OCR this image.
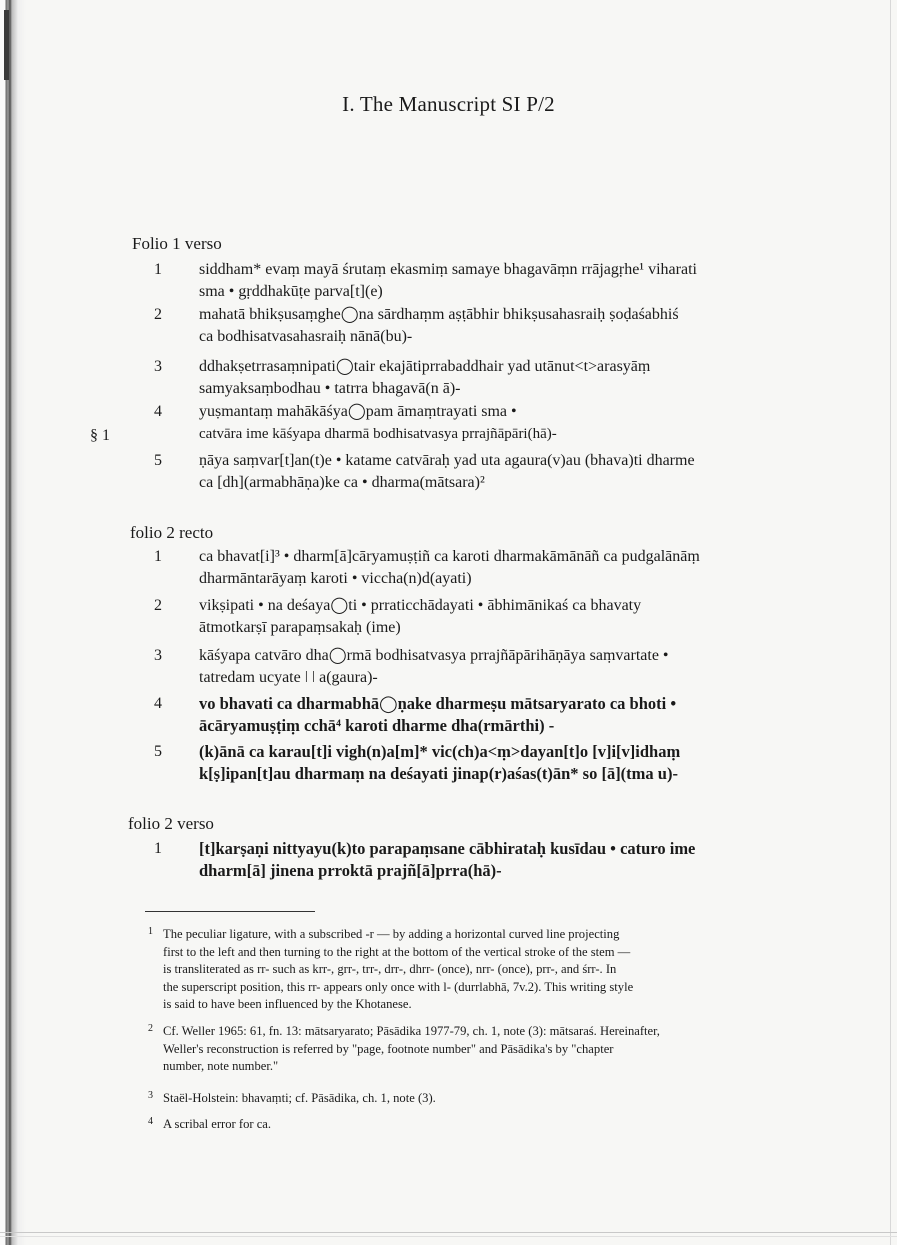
I. The Manuscript SI P/2
Folio 1 verso
1	siddham* evaṃ mayā śrutaṃ ekasmiṃ samaye bhagavāṃn rrājagṛhe¹ viharati
sma • gṛddhakūṭe parva[t](e)
2	mahatā bhikṣusaṃghe◯na sārdhaṃm aṣṭābhir bhikṣusahasraiḥ ṣoḍaśabhiś
ca bodhisatvasahasraiḥ nānā(bu)-
3	ddhakṣetrrasaṃnipati◯tair ekajātiprrabaddhair yad utānut<t>arasyāṃ
samyaksaṃbodhau • tatrra bhagavā(n ā)-
4	yuṣmantaṃ mahākāśya◯pam āmaṃtrayati sma •
§ 1	catvāra ime kāśyapa dharmā bodhisatvasya prrajñāpāri(hā)-
5	ṇāya saṃvar[t]an(t)e • katame catvāraḥ yad uta agaura(v)au (bhava)ti dharme
ca [dh](armabhāṇa)ke ca • dharma(mātsara)²
folio 2 recto
1	ca bhavat[i]³ • dharm[ā]cāryamuṣṭiñ ca karoti dharmakāmānāñ ca pudgalānāṃ
dharmāntarāyaṃ karoti • viccha(n)d(ayati)
2	vikṣipati • na deśaya◯ti • prraticchādayati • ābhimānikaś ca bhavaty
ātmotkarṣī parapaṃsakaḥ (ime)
3	kāśyapa catvāro dha◯rmā bodhisatvasya prrajñāpārihāṇāya saṃvartate •
tatredam ucyate ǀ ǀ a(gaura)-
4	vo bhavati ca dharmabhā◯ṇake dharmeṣu mātsaryarato ca bhoti •
ācāryamuṣṭiṃ cchā⁴ karoti dharme dha(rmārthi) -
5	(k)ānā ca karau[t]i vigh(n)a[m]* vic(ch)a<ṃ>dayan[t]o [v]i[v]idhaṃ
k[ṣ]ipan[t]au dharmaṃ na deśayati jinap(r)aśas(t)ān* so [ā](tma u)-
folio 2 verso
1	[t]karṣaṇi nittyayu(k)to parapaṃsane cābhirataḥ kusīdau • caturo ime
dharm[ā] jinena prroktā prajñ[ā]prra(hā)-
1 The peculiar ligature, with a subscribed -r — by adding a horizontal curved line projecting
first to the left and then turning to the right at the bottom of the vertical stroke of the stem —
is transliterated as rr- such as krr-, grr-, trr-, drr-, dhrr- (once), nrr- (once), prr-, and śrr-. In
the superscript position, this rr- appears only once with l- (durrlabhā, 7v.2). This writing style
is said to have been influenced by the Khotanese.
2 Cf. Weller 1965: 61, fn. 13: mātsaryarato; Pāsādika 1977-79, ch. 1, note (3): mātsaraś. Hereinafter,
Weller's reconstruction is referred by "page, footnote number" and Pāsādika's by "chapter
number, note number."
3 Staël-Holstein: bhavaṃti; cf. Pāsādika, ch. 1, note (3).
4 A scribal error for ca.
